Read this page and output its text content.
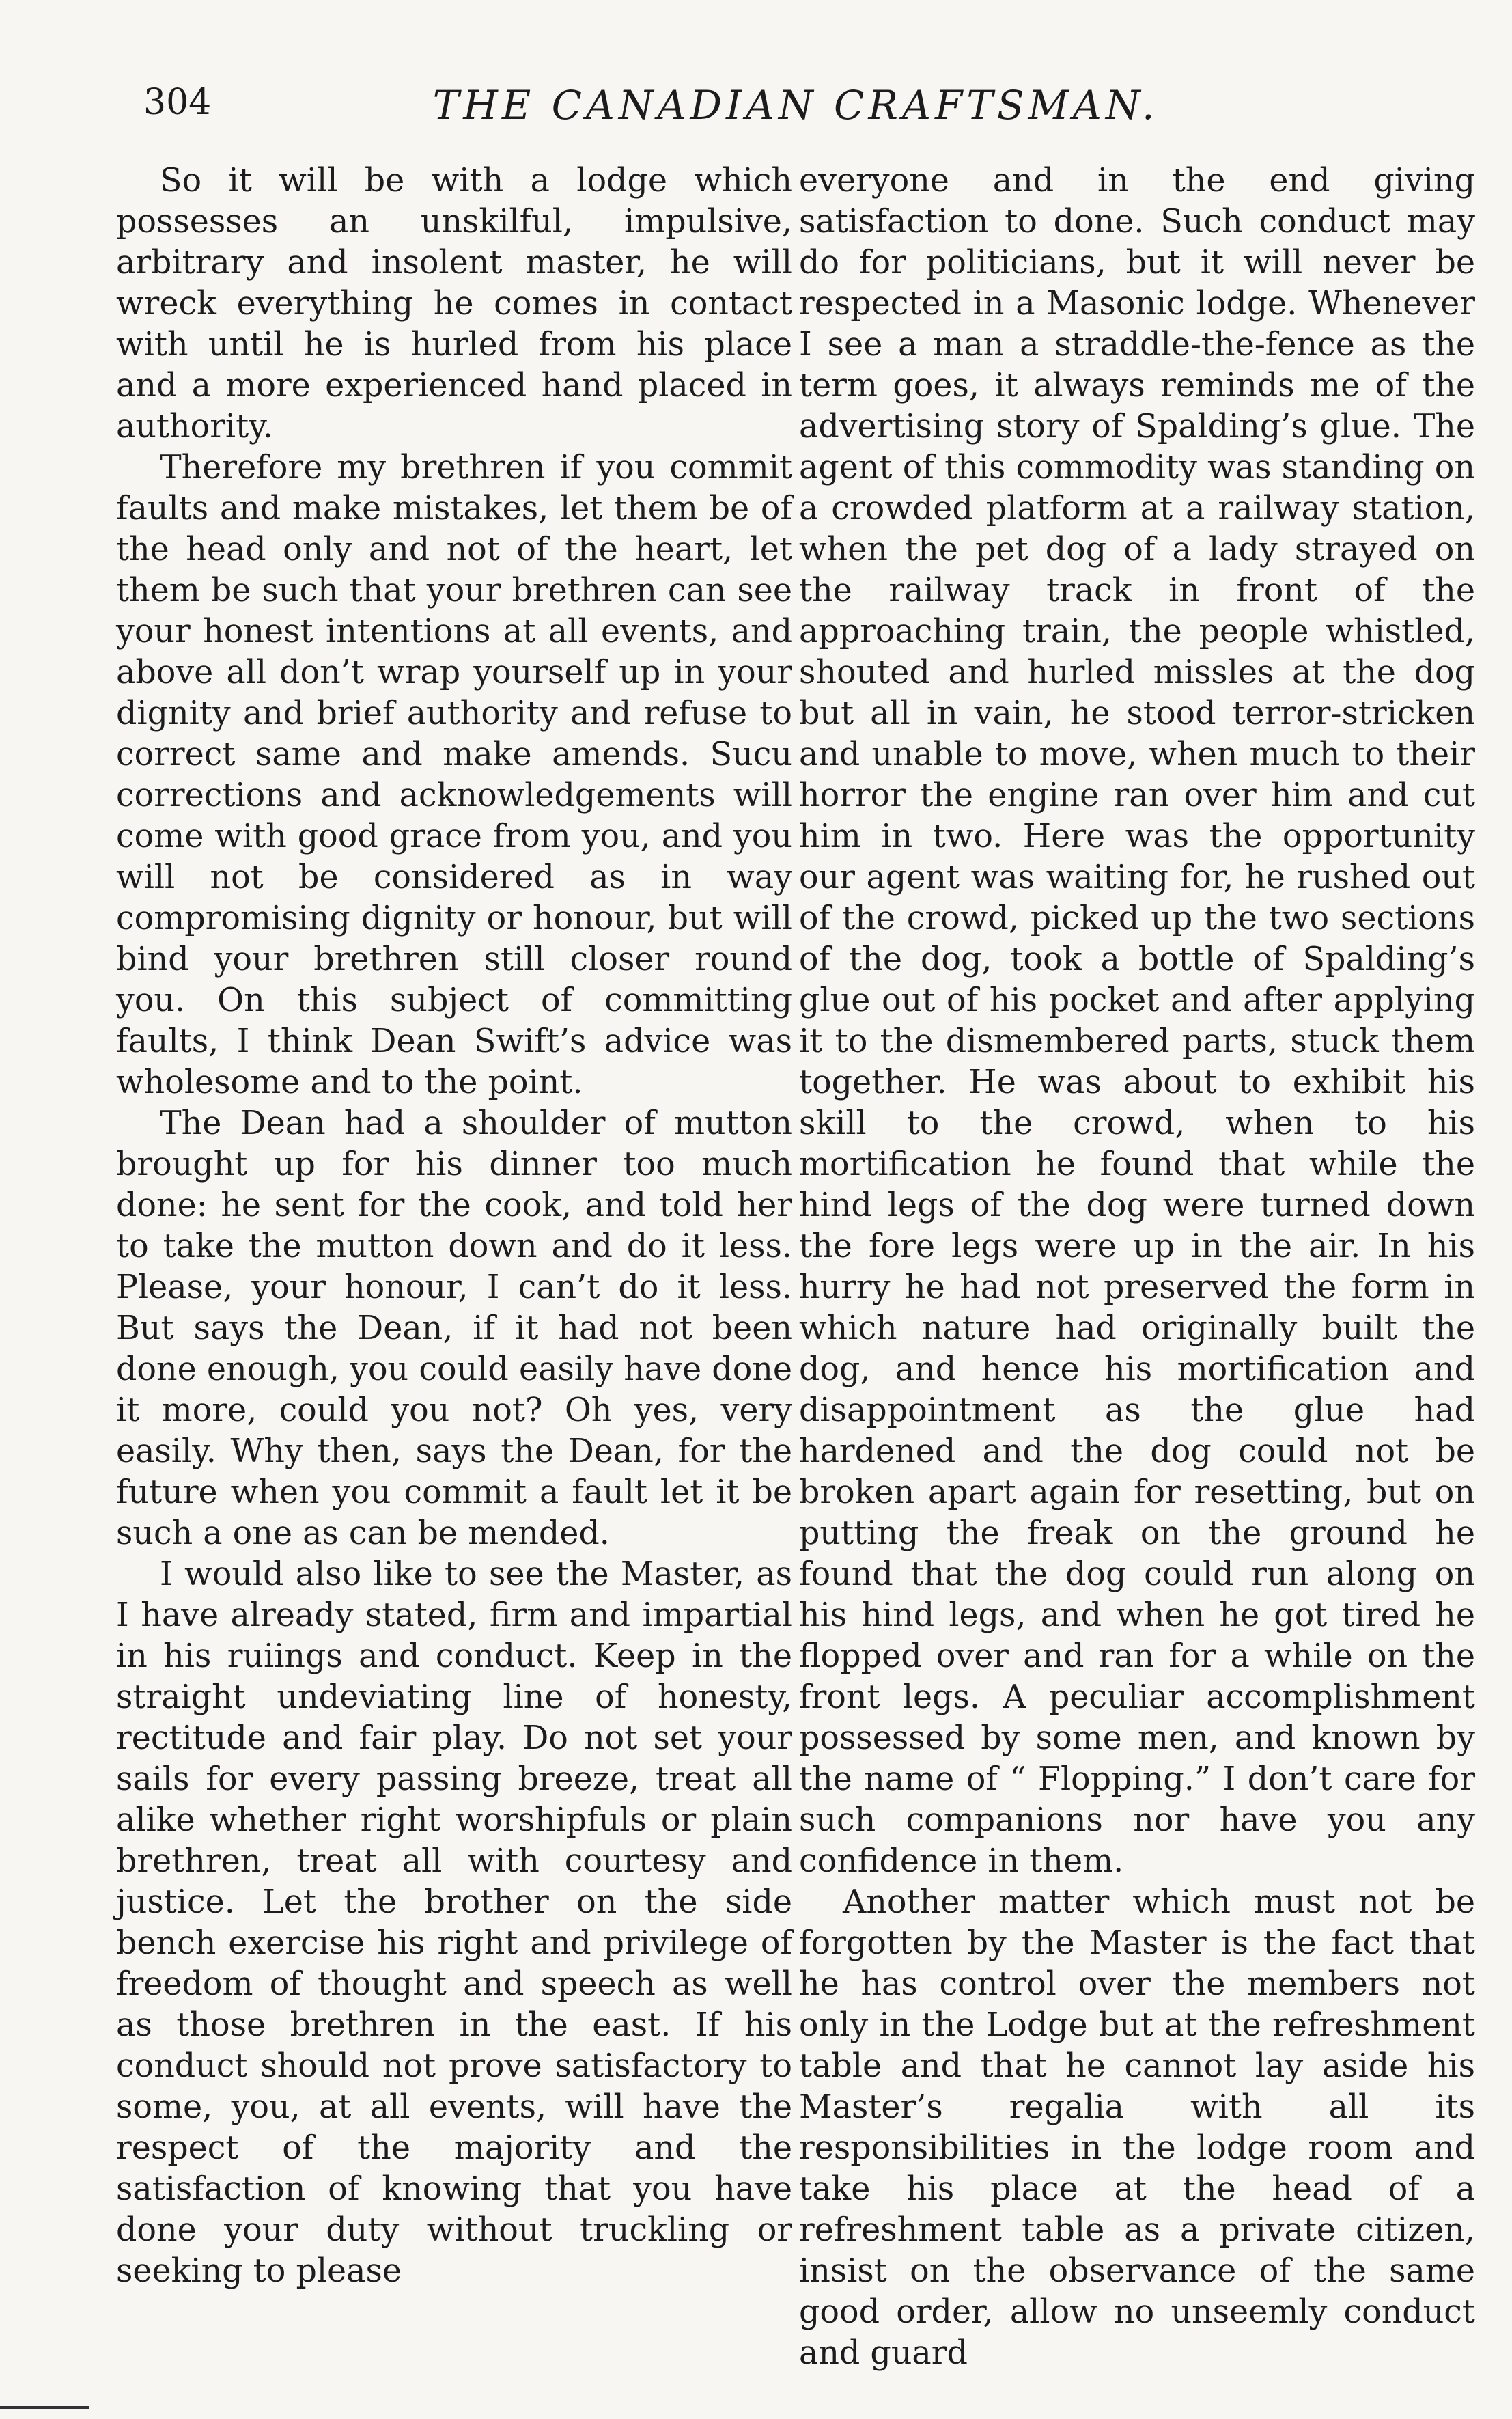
304	THE CANADIAN CRAFTSMAN.

So it will be with a lodge which possesses an unskilful, impulsive, arbitrary and insolent master, he will wreck everything he comes in contact with until he is hurled from his place and a more experienced hand placed in authority.

Therefore my brethren if you commit faults and make mistakes, let them be of the head only and not of the heart, let them be such that your brethren can see your honest intentions at all events, and above all don’t wrap yourself up in your dignity and brief authority and refuse to correct same and make amends. Sucu corrections and acknowledgements will come with good grace from you, and you will not be considered as in way compromising dignity or honour, but will bind your brethren still closer round you. On this subject of committing faults, I think Dean Swift’s advice was wholesome and to the point.

The Dean had a shoulder of mutton brought up for his dinner too much done: he sent for the cook, and told her to take the mutton down and do it less. Please, your honour, I can’t do it less. But says the Dean, if it had not been done enough, you could easily have done it more, could you not? Oh yes, very easily. Why then, says the Dean, for the future when you commit a fault let it be such a one as can be mended.

I would also like to see the Master, as I have already stated, firm and impartial in his ruiings and conduct. Keep in the straight undeviating line of honesty, rectitude and fair play. Do not set your sails for every passing breeze, treat all alike whether right worshipfuls or plain brethren, treat all with courtesy and justice. Let the brother on the side bench exercise his right and privilege of freedom of thought and speech as well as those brethren in the east. If his conduct should not prove satisfactory to some, you, at all events, will have the respect of the majority and the satisfaction of knowing that you have done your duty without truckling or seeking to please

everyone and in the end giving satisfaction to done. Such conduct may do for politicians, but it will never be respected in a Masonic lodge. Whenever I see a man a straddle-the-fence as the term goes, it always reminds me of the advertising story of Spalding’s glue. The agent of this commodity was standing on a crowded platform at a railway station, when the pet dog of a lady strayed on the railway track in front of the approaching train, the people whistled, shouted and hurled missles at the dog but all in vain, he stood terror-stricken and unable to move, when much to their horror the engine ran over him and cut him in two. Here was the opportunity our agent was waiting for, he rushed out of the crowd, picked up the two sections of the dog, took a bottle of Spalding’s glue out of his pocket and after applying it to the dismembered parts, stuck them together. He was about to exhibit his skill to the crowd, when to his mortification he found that while the hind legs of the dog were turned down the fore legs were up in the air. In his hurry he had not preserved the form in which nature had originally built the dog, and hence his mortification and disappointment as the glue had hardened and the dog could not be broken apart again for resetting, but on putting the freak on the ground he found that the dog could run along on his hind legs, and when he got tired he flopped over and ran for a while on the front legs. A peculiar accomplishment possessed by some men, and known by the name of “ Flopping.” I don’t care for such companions nor have you any confidence in them.

Another matter which must not be forgotten by the Master is the fact that he has control over the members not only in the Lodge but at the refreshment table and that he cannot lay aside his Master’s regalia with all its responsibilities in the lodge room and take his place at the head of a refreshment table as a private citizen, insist on the observance of the same good order, allow no unseemly conduct and guard
